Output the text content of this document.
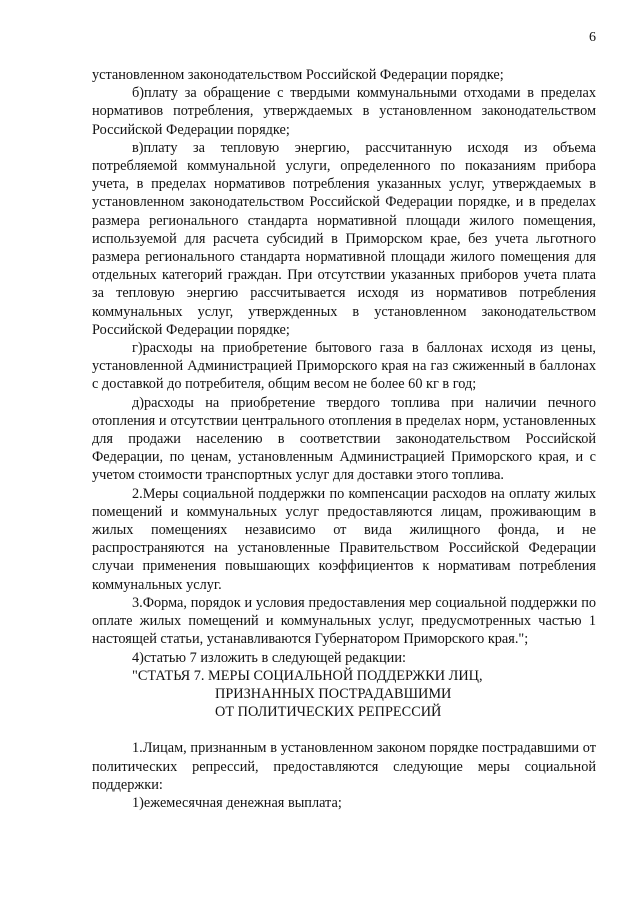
6

установленном законодательством Российской Федерации порядке;

б)плату за обращение с твердыми коммунальными отходами в пределах нормативов потребления, утверждаемых в установленном законодательством Российской Федерации порядке;

в)плату за тепловую энергию, рассчитанную исходя из объема потребляемой коммунальной услуги, определенного по показаниям прибора учета, в пределах нормативов потребления указанных услуг, утверждаемых в установленном законодательством Российской Федерации порядке, и в пределах размера регионального стандарта нормативной площади жилого помещения, используемой для расчета субсидий в Приморском крае, без учета льготного размера регионального стандарта нормативной площади жилого помещения для отдельных категорий граждан. При отсутствии указанных приборов учета плата за тепловую энергию рассчитывается исходя из нормативов потребления коммунальных услуг, утвержденных в установленном законодательством Российской Федерации порядке;

г)расходы на приобретение бытового газа в баллонах исходя из цены, установленной Администрацией Приморского края на газ сжиженный в баллонах с доставкой до потребителя, общим весом не более 60 кг в год;

д)расходы на приобретение твердого топлива при наличии печного отопления и отсутствии центрального отопления в пределах норм, установленных для продажи населению в соответствии законодательством Российской Федерации, по ценам, установленным Администрацией Приморского края, и с учетом стоимости транспортных услуг для доставки этого топлива.

2.Меры социальной поддержки по компенсации расходов на оплату жилых помещений и коммунальных услуг предоставляются лицам, проживающим в жилых помещениях независимо от вида жилищного фонда, и не распространяются на установленные Правительством Российской Федерации случаи применения повышающих коэффициентов к нормативам потребления коммунальных услуг.

3.Форма, порядок и условия предоставления мер социальной поддержки по оплате жилых помещений и коммунальных услуг, предусмотренных частью 1 настоящей статьи, устанавливаются Губернатором Приморского края.";

4)статью 7 изложить в следующей редакции:

"СТАТЬЯ 7. МЕРЫ СОЦИАЛЬНОЙ ПОДДЕРЖКИ ЛИЦ,
ПРИЗНАННЫХ ПОСТРАДАВШИМИ
ОТ ПОЛИТИЧЕСКИХ РЕПРЕССИЙ

1.Лицам, признанным в установленном законом порядке пострадавшими от политических репрессий, предоставляются следующие меры социальной поддержки:

1)ежемесячная денежная выплата;
